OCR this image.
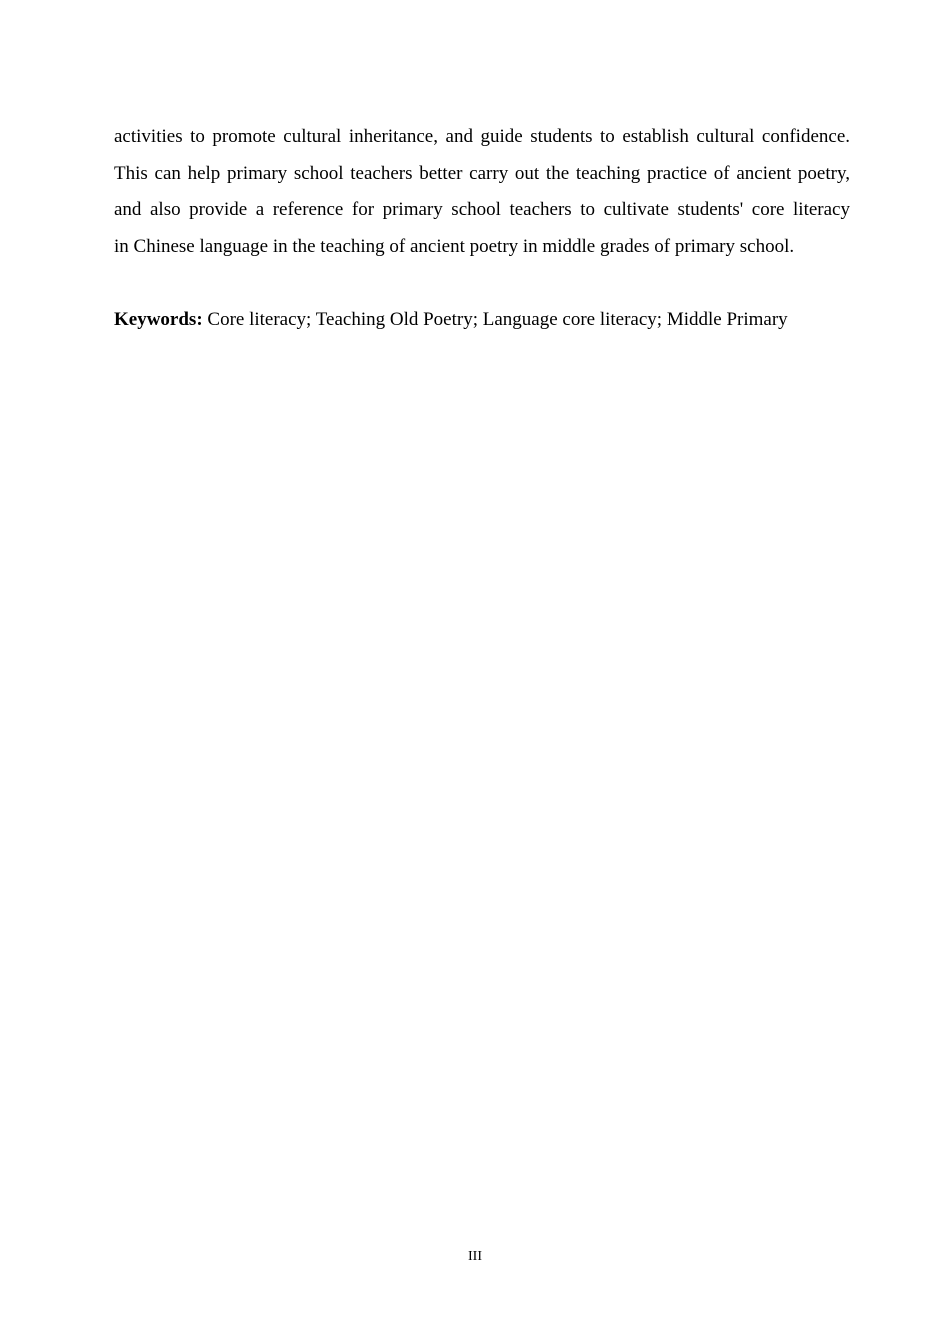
activities to promote cultural inheritance, and guide students to establish cultural confidence.
This can help primary school teachers better carry out the teaching practice of ancient poetry,
and also provide a reference for primary school teachers to cultivate students' core literacy
in Chinese language in the teaching of ancient poetry in middle grades of primary school.
Keywords: Core literacy; Teaching Old Poetry; Language core literacy; Middle Primary
III
